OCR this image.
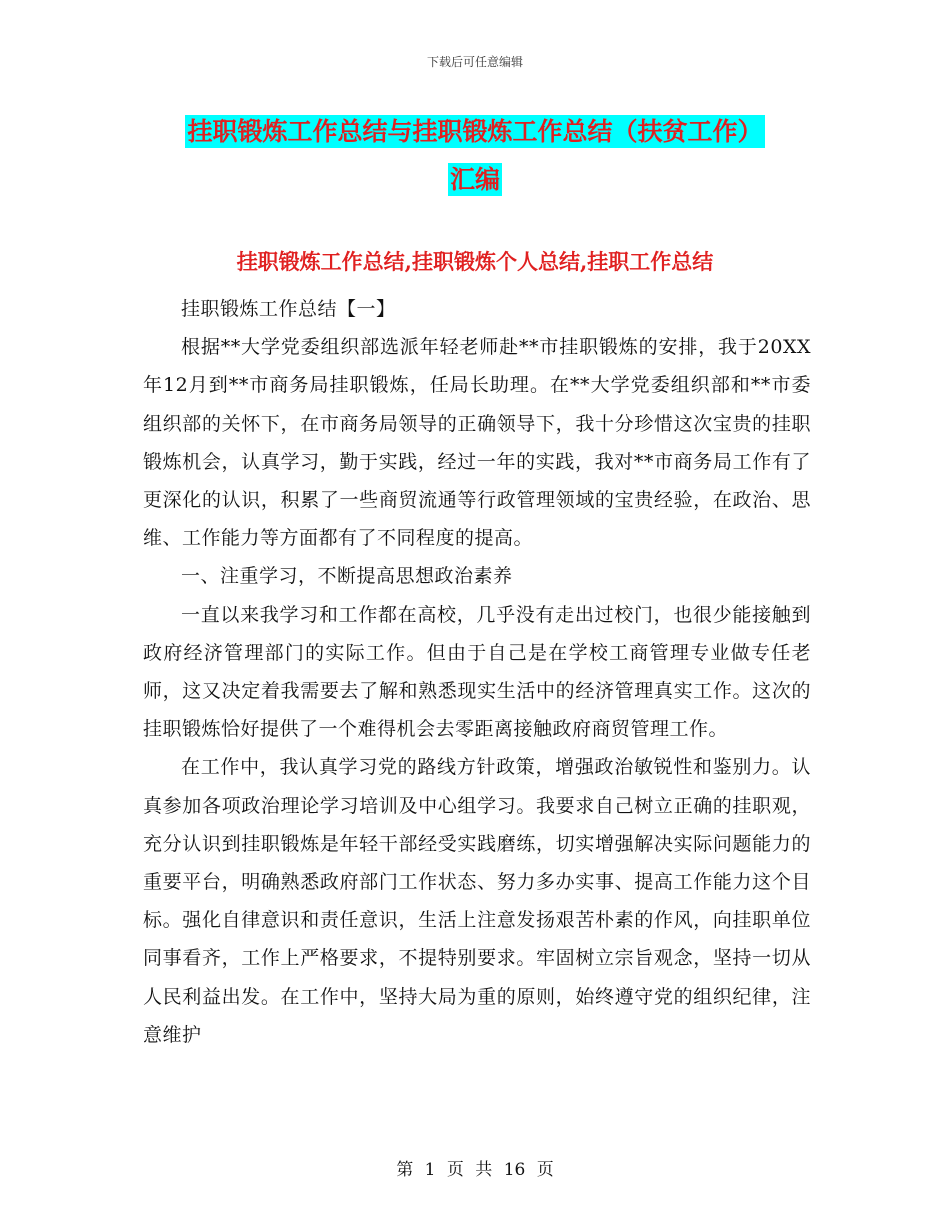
下载后可任意编辑
挂职锻炼工作总结与挂职锻炼工作总结（扶贫工作）
汇编
挂职锻炼工作总结,挂职锻炼个人总结,挂职工作总结

挂职锻炼工作总结【一】

根据**大学党委组织部选派年轻老师赴**市挂职锻炼的安排，我于20XX年12月到**市商务局挂职锻炼，任局长助理。在**大学党委组织部和**市委组织部的关怀下，在市商务局领导的正确领导下，我十分珍惜这次宝贵的挂职锻炼机会，认真学习，勤于实践，经过一年的实践，我对**市商务局工作有了更深化的认识，积累了一些商贸流通等行政管理领域的宝贵经验，在政治、思维、工作能力等方面都有了不同程度的提高。

一、注重学习，不断提高思想政治素养

一直以来我学习和工作都在高校，几乎没有走出过校门，也很少能接触到政府经济管理部门的实际工作。但由于自己是在学校工商管理专业做专任老师，这又决定着我需要去了解和熟悉现实生活中的经济管理真实工作。这次的挂职锻炼恰好提供了一个难得机会去零距离接触政府商贸管理工作。

在工作中，我认真学习党的路线方针政策，增强政治敏锐性和鉴别力。认真参加各项政治理论学习培训及中心组学习。我要求自己树立正确的挂职观，充分认识到挂职锻炼是年轻干部经受实践磨练，切实增强解决实际问题能力的重要平台，明确熟悉政府部门工作状态、努力多办实事、提高工作能力这个目标。强化自律意识和责任意识，生活上注意发扬艰苦朴素的作风，向挂职单位同事看齐，工作上严格要求，不提特别要求。牢固树立宗旨观念，坚持一切从人民利益出发。在工作中，坚持大局为重的原则，始终遵守党的组织纪律，注意维护

第 1 页 共 16 页
